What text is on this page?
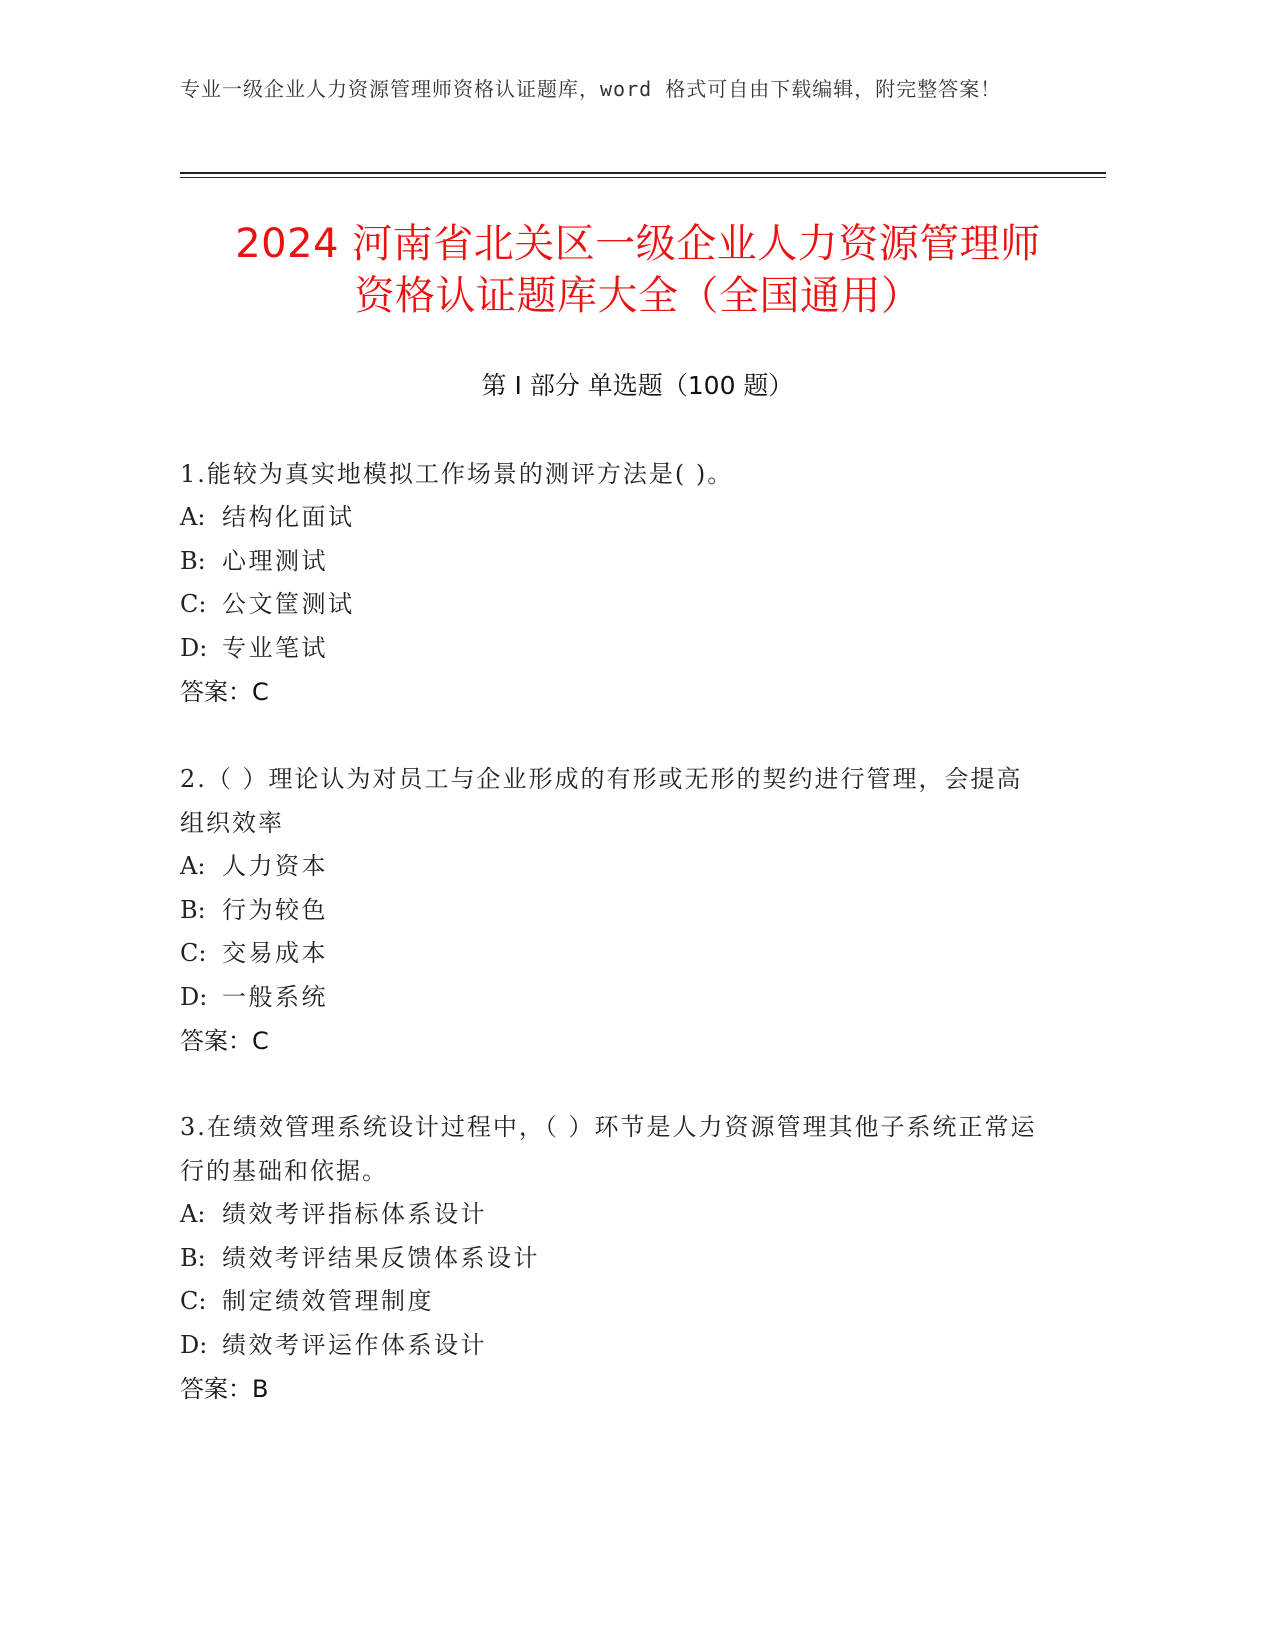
专业一级企业人力资源管理师资格认证题库，word 格式可自由下载编辑，附完整答案！
2024 河南省北关区一级企业人力资源管理师
资格认证题库大全（全国通用）
第 I 部分 单选题（100 题）
1.能较为真实地模拟工作场景的测评方法是( )。
A: 结构化面试
B: 心理测试
C: 公文筐测试
D: 专业笔试
答案：C
2.（ ）理论认为对员工与企业形成的有形或无形的契约进行管理，会提高组织效率
A: 人力资本
B: 行为较色
C: 交易成本
D: 一般系统
答案：C
3.在绩效管理系统设计过程中，（ ）环节是人力资源管理其他子系统正常运行的基础和依据。
A: 绩效考评指标体系设计
B: 绩效考评结果反馈体系设计
C: 制定绩效管理制度
D: 绩效考评运作体系设计
答案：B
